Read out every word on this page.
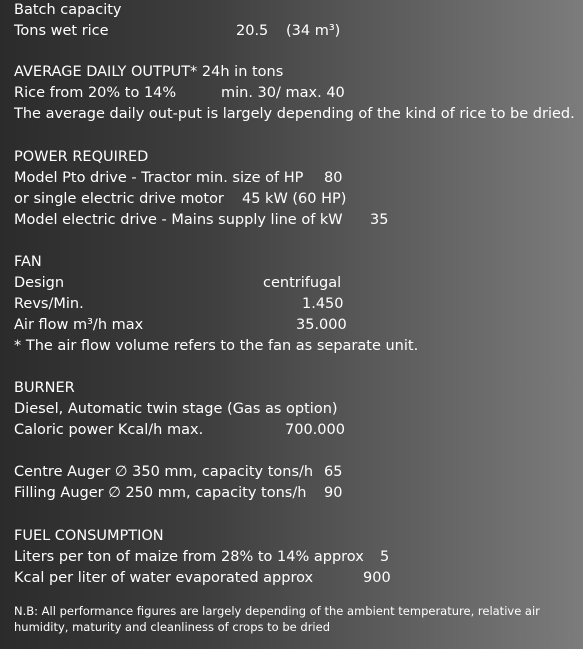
Batch capacity
Tons wet rice	20.5 (34 m³)
AVERAGE DAILY OUTPUT* 24h in tons
Rice from 20% to 14%	min. 30/ max. 40
The average daily out-put is largely depending of the kind of rice to be dried.
POWER REQUIRED
Model Pto drive - Tractor min. size of HP 80
or single electric drive motor 45 kW (60 HP)
Model electric drive - Mains supply line of kW 35
FAN
Design	centrifugal
Revs/Min.	1.450
Air flow m³/h max	35.000
* The air flow volume refers to the fan as separate unit.
BURNER
Diesel, Automatic twin stage (Gas as option)
Caloric power Kcal/h max.	700.000
Centre Auger ∅ 350 mm, capacity tons/h 65
Filling Auger ∅ 250 mm, capacity tons/h 90
FUEL CONSUMPTION
Liters per ton of maize from 28% to 14% approx 5
Kcal per liter of water evaporated approx	900
N.B: All performance figures are largely depending of the ambient temperature, relative air humidity, maturity and cleanliness of crops to be dried
